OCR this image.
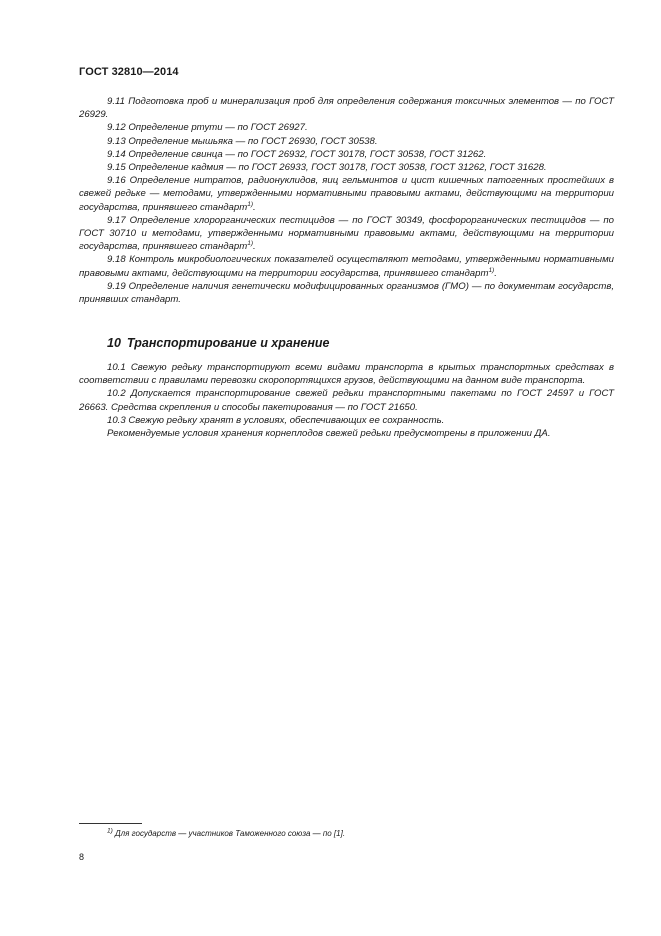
ГОСТ 32810—2014

9.11 Подготовка проб и минерализация проб для определения содержания токсичных элементов — по ГОСТ 26929.

9.12 Определение ртути — по ГОСТ 26927.

9.13 Определение мышьяка — по ГОСТ 26930, ГОСТ 30538.

9.14 Определение свинца — по ГОСТ 26932, ГОСТ 30178, ГОСТ 30538, ГОСТ 31262.

9.15 Определение кадмия — по ГОСТ 26933, ГОСТ 30178, ГОСТ 30538, ГОСТ 31262, ГОСТ 31628.

9.16 Определение нитратов, радионуклидов, яиц гельминтов и цист кишечных патогенных простейших в свежей редьке — методами, утвержденными нормативными правовыми актами, действующими на территории государства, принявшего стандарт$^{1)}$.

9.17 Определение хлорорганических пестицидов — по ГОСТ 30349, фосфорорганических пестицидов — по ГОСТ 30710 и методами, утвержденными нормативными правовыми актами, действующими на территории государства, принявшего стандарт$^{1)}$.

9.18 Контроль микробиологических показателей осуществляют методами, утвержденными нормативными правовыми актами, действующими на территории государства, принявшего стандарт$^{1)}$.

9.19 Определение наличия генетически модифицированных организмов (ГМО) — по документам государств, принявших стандарт.

10 Транспортирование и хранение

10.1 Свежую редьку транспортируют всеми видами транспорта в крытых транспортных средствах в соответствии с правилами перевозки скоропортящихся грузов, действующими на данном виде транспорта.

10.2 Допускается транспортирование свежей редьки транспортными пакетами по ГОСТ 24597 и ГОСТ 26663. Средства скрепления и способы пакетирования — по ГОСТ 21650.

10.3 Свежую редьку хранят в условиях, обеспечивающих ее сохранность.

Рекомендуемые условия хранения корнеплодов свежей редьки предусмотрены в приложении ДА.

$^{1)}$ Для государств — участников Таможенного союза — по [1].
8
